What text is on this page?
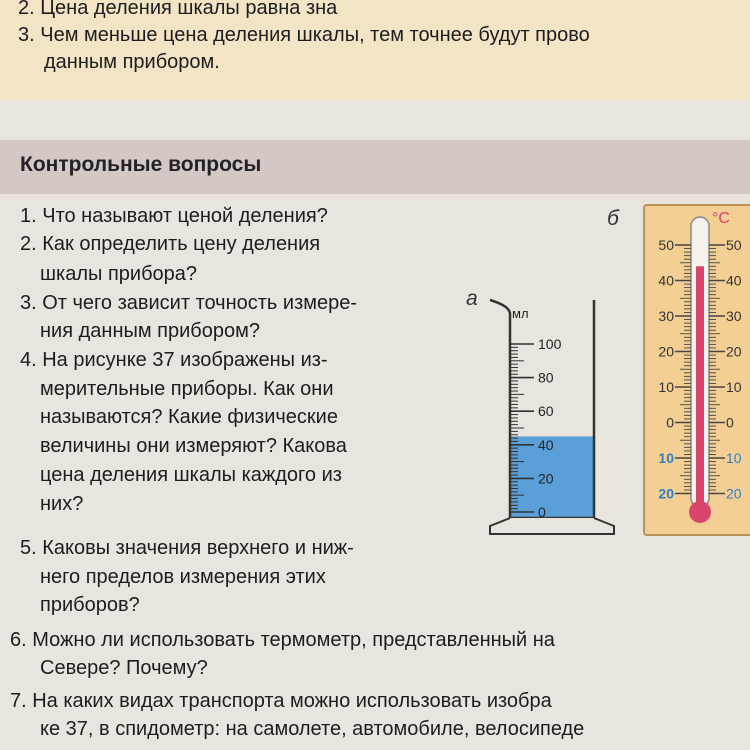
2. Цена деления шкалы равна зна
3. Чем меньше цена деления шкалы, тем точнее будут прово
данным прибором.
Контрольные вопросы
1. Что называют ценой деления?
2. Как определить цену деления
шкалы прибора?
3. От чего зависит точность измере-
ния данным прибором?
4. На рисунке 37 изображены из-
мерительные приборы. Как они
называются? Какие физические
величины они измеряют? Какова
цена деления шкалы каждого из
них?
5. Каковы значения верхнего и ниж-
него пределов измерения этих
приборов?
6. Можно ли использовать термометр, представленный на
Севере? Почему?
7. На каких видах транспорта можно использовать изобра
ке 37, в спидометр: на самолете, автомобиле, велосипеде
а
б
мл
100
80
60
40
20
0
°C
50
40
30
20
10
0
10
20
50
40
30
20
10
0
10
20
